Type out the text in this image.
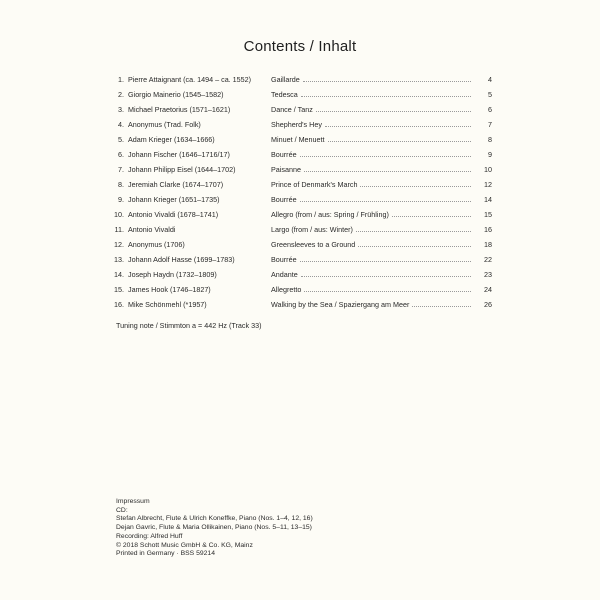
Contents / Inhalt
1. Pierre Attaignant (ca. 1494 – ca. 1552)	Gaillarde	4
2. Giorgio Mainerio (1545–1582)	Tedesca	5
3. Michael Praetorius (1571–1621)	Dance / Tanz	6
4. Anonymus (Trad. Folk)	Shepherd's Hey	7
5. Adam Krieger (1634–1666)	Minuet / Menuett	8
6. Johann Fischer (1646–1716/17)	Bourrée	9
7. Johann Philipp Eisel (1644–1702)	Paisanne	10
8. Jeremiah Clarke (1674–1707)	Prince of Denmark's March	12
9. Johann Krieger (1651–1735)	Bourrée	14
10. Antonio Vivaldi (1678–1741)	Allegro (from / aus: Spring / Frühling)	15
11. Antonio Vivaldi	Largo (from / aus: Winter)	16
12. Anonymus (1706)	Greensleeves to a Ground	18
13. Johann Adolf Hasse (1699–1783)	Bourrée	22
14. Joseph Haydn (1732–1809)	Andante	23
15. James Hook (1746–1827)	Allegretto	24
16. Mike Schönmehl (*1957)	Walking by the Sea / Spaziergang am Meer	26
Tuning note / Stimmton a = 442 Hz (Track 33)
Impressum
CD:
Stefan Albrecht, Flute & Ulrich Koneffke, Piano (Nos. 1–4, 12, 16)
Dejan Gavric, Flute & Maria Ollikainen, Piano (Nos. 5–11, 13–15)
Recording: Alfred Huff
© 2018 Schott Music GmbH & Co. KG, Mainz
Printed in Germany · BSS 59214
